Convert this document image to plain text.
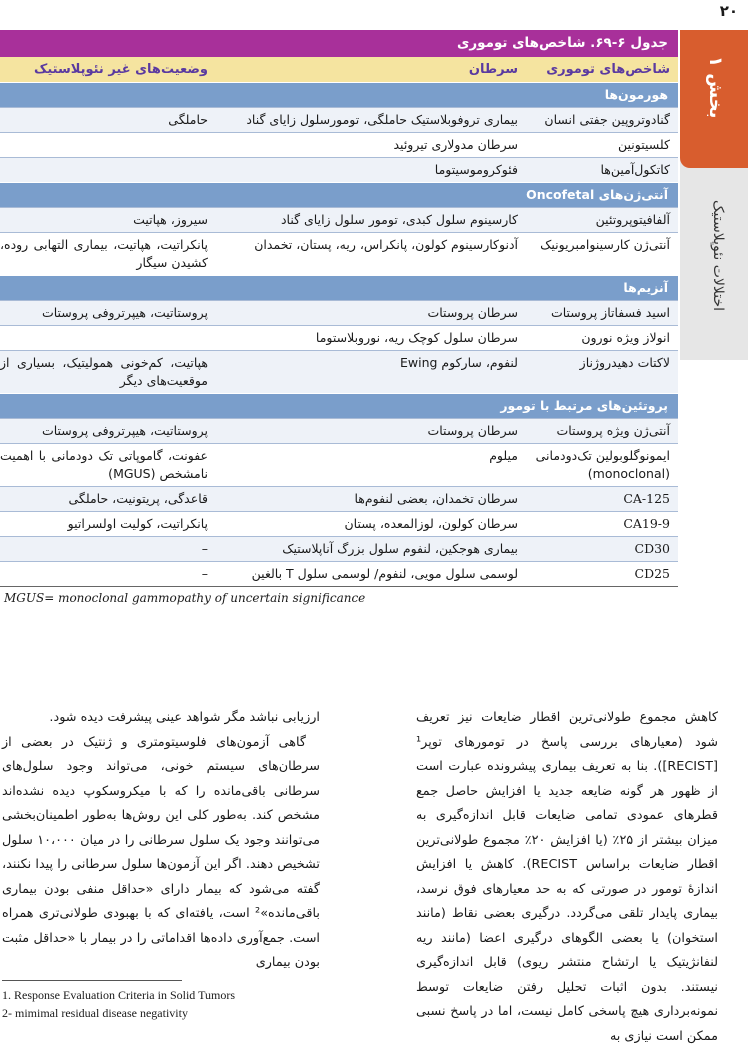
۲۰
بخش ۱
اختلالات نئوپلاستیک
جدول ۶-۶۹. شاخص‌های توموری
شاخص‌های توموری
سرطان
وضعیت‌های غیر نئوپلاستیک
هورمون‌ها
گنادوتروپین جفتی انسان
بیماری تروفوبلاستیک حاملگی، تومورسلول زایای گناد
حاملگی
کلسیتونین
سرطان مدولاری تیروئید
کاتکول‌آمین‌ها
فئوکروموسیتوما
آنتی‌ژن‌های Oncofetal
آلفافیتوپروتئین
کارسینوم سلول کبدی، تومور سلول زایای گناد
سیروز، هپاتیت
آنتی‌ژن کارسینوامبریونیک
آدنوکارسینوم کولون، پانکراس، ریه، پستان، تخمدان
پانکراتیت، هپاتیت، بیماری التهابی روده، کشیدن سیگار
آنزیم‌ها
اسید فسفاتاز پروستات
سرطان پروستات
پروستاتیت، هیپرتروفی پروستات
انولاز ویژه نورون
سرطان سلول کوچک ریه، نوروبلاستوما
لاکتات دهیدروژناز
لنفوم، سارکوم Ewing
هپاتیت، کم‌خونی همولیتیک، بسیاری از موقعیت‌های دیگر
پروتئین‌های مرتبط با تومور
آنتی‌ژن ویژه پروستات
سرطان پروستات
پروستاتیت، هیپرتروفی پروستات
ایمونوگلوبولین تک‌دودمانی (monoclonal)
میلوم
عفونت، گاموپاتی تک دودمانی با اهمیت نامشخص (MGUS)
CA-125
سرطان تخمدان، بعضی لنفوم‌ها
قاعدگی، پریتونیت، حاملگی
CA19-9
سرطان کولون، لوزالمعده، پستان
پانکراتیت، کولیت اولسراتیو
CD30
بیماری هوجکین، لنفوم سلول بزرگ آناپلاستیک
–
CD25
لوسمی سلول مویی، لنفوم/ لوسمی سلول T بالغین
–
MGUS= monoclonal gammopathy of uncertain significance

کاهش مجموع طولانی‌ترین اقطار ضایعات نیز تعریف شود (معیارهای بررسی پاسخ در تومورهای توپر¹ [RECIST]). بنا به تعریف بیماری پیشرونده عبارت است از ظهور هر گونه ضایعه جدید یا افزایش حاصل جمع قطرهای عمودی تمامی ضایعات قابل اندازه‌گیری به میزان بیشتر از ۲۵٪ (یا افزایش ۲۰٪ مجموع طولانی‌ترین اقطار ضایعات براساس RECIST). کاهش یا افزایش اندازهٔ تومور در صورتی که به حد معیارهای فوق نرسد، بیماری پایدار تلقی می‌گردد. درگیری بعضی نقاط (مانند استخوان) یا بعضی الگوهای درگیری اعضا (مانند ریه لنفانژیتیک یا ارتشاح منتشر ریوی) قابل اندازه‌گیری نیستند. بدون اثبات تحلیل رفتن ضایعات توسط نمونه‌برداری هیچ پاسخی کامل نیست، اما در پاسخ نسبی ممکن است نیازی به

ارزیابی نباشد مگر شواهد عینی پیشرفت دیده شود.

گاهی آزمون‌های فلوسیتومتری و ژنتیک در بعضی از سرطان‌های سیستم خونی، می‌تواند وجود سلول‌های سرطانی باقی‌مانده را که با میکروسکوپ دیده نشده‌اند مشخص کند. به‌طور کلی این روش‌ها به‌طور اطمینان‌بخشی می‌توانند وجود یک سلول سرطانی را در میان ۱۰،۰۰۰ سلول تشخیص دهند. اگر این آزمون‌ها سلول سرطانی را پیدا نکنند، گفته می‌شود که بیمار دارای «حداقل منفی بودن بیماری باقی‌مانده»² است، یافته‌ای که با بهبودی طولانی‌تری همراه است. جمع‌آوری داده‌ها اقداماتی را در بیمار با «حداقل مثبت بودن بیماری

1. Response Evaluation Criteria in Solid Tumors
2- mimimal residual disease negativity
